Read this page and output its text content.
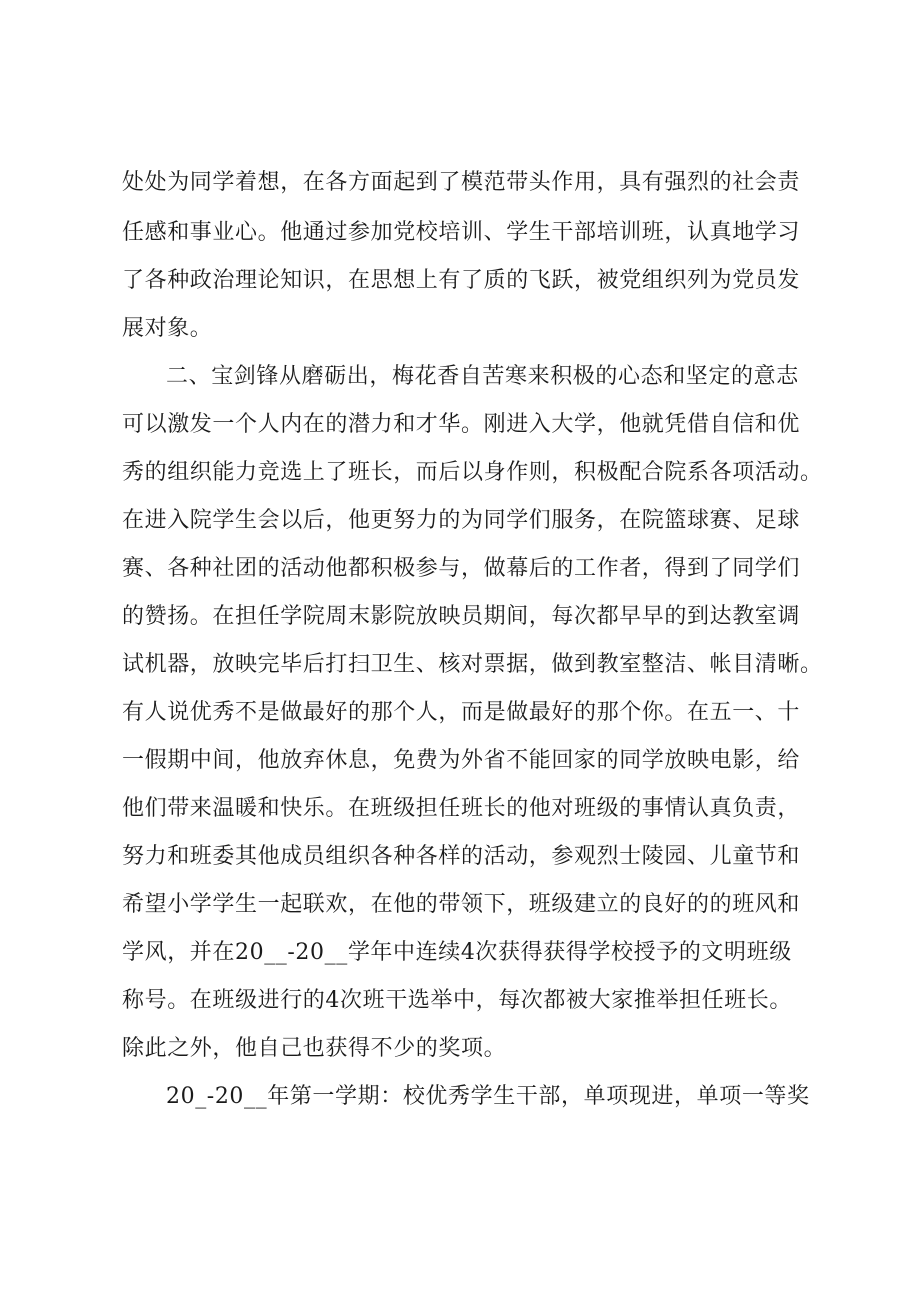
处处为同学着想，在各方面起到了模范带头作用，具有强烈的社会责

任感和事业心。他通过参加党校培训、学生干部培训班，认真地学习

了各种政治理论知识，在思想上有了质的飞跃，被党组织列为党员发

展对象。

二、宝剑锋从磨砺出，梅花香自苦寒来积极的心态和坚定的意志

可以激发一个人内在的潜力和才华。刚进入大学，他就凭借自信和优

秀的组织能力竞选上了班长，而后以身作则，积极配合院系各项活动。

在进入院学生会以后，他更努力的为同学们服务，在院篮球赛、足球

赛、各种社团的活动他都积极参与，做幕后的工作者，得到了同学们

的赞扬。在担任学院周末影院放映员期间，每次都早早的到达教室调

试机器，放映完毕后打扫卫生、核对票据，做到教室整洁、帐目清晰。

有人说优秀不是做最好的那个人，而是做最好的那个你。在五一、十

一假期中间，他放弃休息，免费为外省不能回家的同学放映电影，给

他们带来温暖和快乐。在班级担任班长的他对班级的事情认真负责，

努力和班委其他成员组织各种各样的活动，参观烈士陵园、儿童节和

希望小学学生一起联欢，在他的带领下，班级建立的良好的的班风和

学风，并在20__-20__学年中连续4次获得获得学校授予的文明班级

称号。在班级进行的4次班干选举中，每次都被大家推举担任班长。

除此之外，他自己也获得不少的奖项。

20_-20__年第一学期：校优秀学生干部，单项现进，单项一等奖
